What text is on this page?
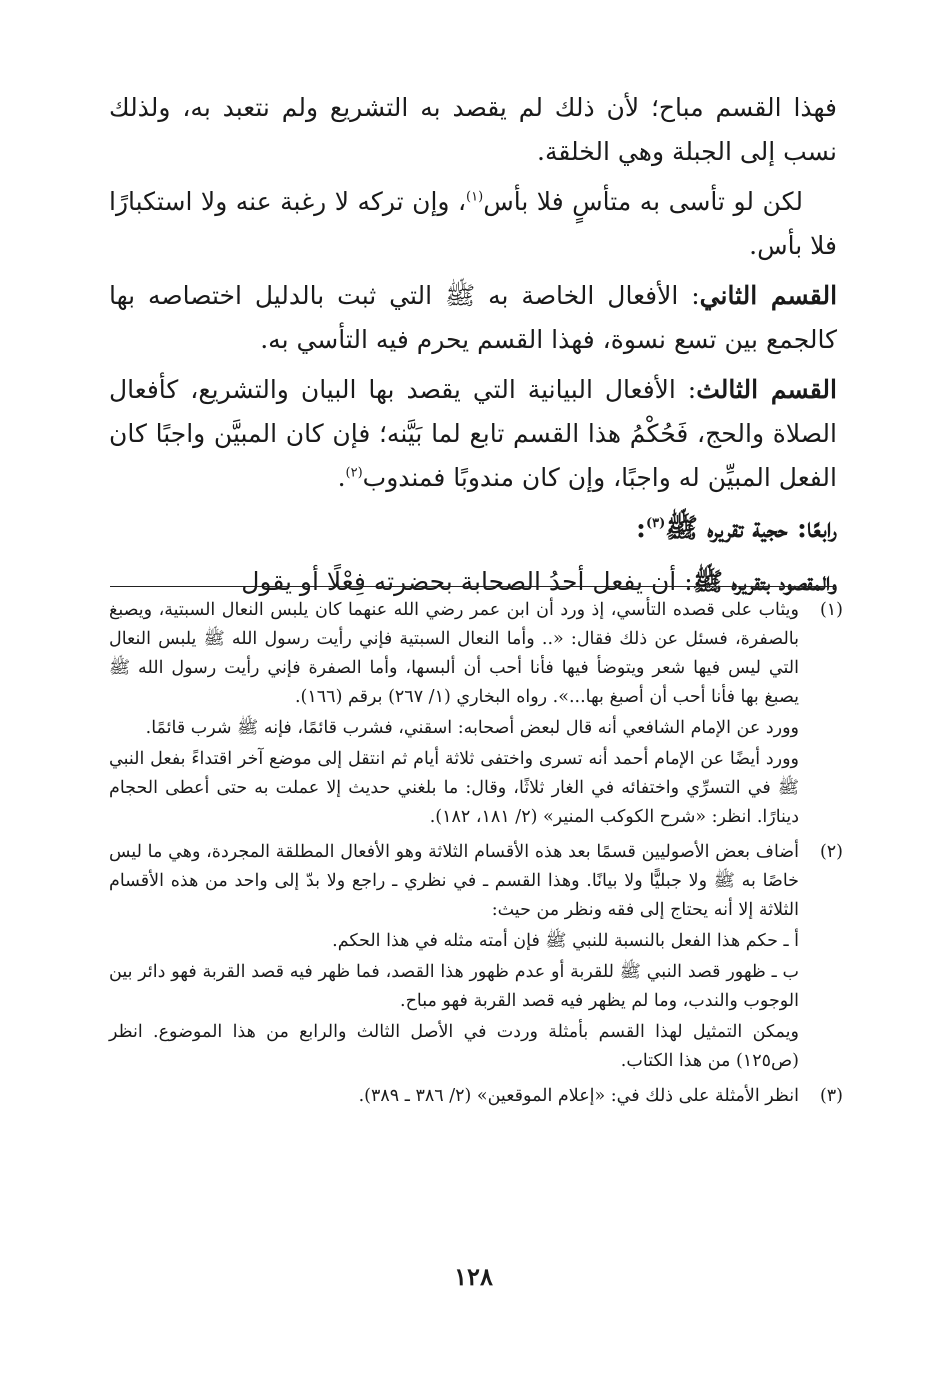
فهذا القسم مباح؛ لأن ذلك لم يقصد به التشريع ولم نتعبد به، ولذلك نسب إلى الجبلة وهي الخلقة.

لكن لو تأسى به متأسٍ فلا بأس$^{(١)}$، وإن تركه لا رغبة عنه ولا استكبارًا فلا بأس.

القسم الثاني: الأفعال الخاصة به ﷺ التي ثبت بالدليل اختصاصه بها كالجمع بين تسع نسوة، فهذا القسم يحرم فيه التأسي به.

القسم الثالث: الأفعال البيانية التي يقصد بها البيان والتشريع، كأفعال الصلاة والحج، فَحُكْمُ هذا القسم تابع لما بَيَّنه؛ فإن كان المبيَّن واجبًا كان الفعل المبيِّن له واجبًا، وإن كان مندوبًا فمندوب$^{(٢)}$.

رابعًا: حجية تقريره ﷺ$^{(٣)}$:

والمقصود بتقريره ﷺ: أن يفعل أحدُ الصحابة بحضرته فِعْلًا أو يقول

(١)

ويثاب على قصده التأسي، إذ ورد أن ابن عمر رضي الله عنهما كان يلبس النعال السبتية، ويصبغ بالصفرة، فسئل عن ذلك فقال: «.. وأما النعال السبتية فإني رأيت رسول الله ﷺ يلبس النعال التي ليس فيها شعر ويتوضأ فيها فأنا أحب أن ألبسها، وأما الصفرة فإني رأيت رسول الله ﷺ يصبغ بها فأنا أحب أن أصبغ بها...». رواه البخاري (١/ ٢٦٧) برقم (١٦٦).

وورد عن الإمام الشافعي أنه قال لبعض أصحابه: اسقني، فشرب قائمًا، فإنه ﷺ شرب قائمًا.

وورد أيضًا عن الإمام أحمد أنه تسرى واختفى ثلاثة أيام ثم انتقل إلى موضع آخر اقتداءً بفعل النبي ﷺ في التسرِّي واختفائه في الغار ثلاثًا، وقال: ما بلغني حديث إلا عملت به حتى أعطى الحجام دينارًا. انظر: «شرح الكوكب المنير» (٢/ ١٨١، ١٨٢).

(٢)

أضاف بعض الأصوليين قسمًا بعد هذه الأقسام الثلاثة وهو الأفعال المطلقة المجردة، وهي ما ليس خاصًا به ﷺ ولا جبليًّا ولا بيانًا. وهذا القسم ـ في نظري ـ راجع ولا بدّ إلى واحد من هذه الأقسام الثلاثة إلا أنه يحتاج إلى فقه ونظر من حيث:

أ ـ حكم هذا الفعل بالنسبة للنبي ﷺ فإن أمته مثله في هذا الحكم.

ب ـ ظهور قصد النبي ﷺ للقربة أو عدم ظهور هذا القصد، فما ظهر فيه قصد القربة فهو دائر بين الوجوب والندب، وما لم يظهر فيه قصد القربة فهو مباح.

ويمكن التمثيل لهذا القسم بأمثلة وردت في الأصل الثالث والرابع من هذا الموضوع. انظر (ص١٢٥) من هذا الكتاب.

(٣)

انظر الأمثلة على ذلك في: «إعلام الموقعين» (٢/ ٣٨٦ ـ ٣٨٩).

١٢٨
